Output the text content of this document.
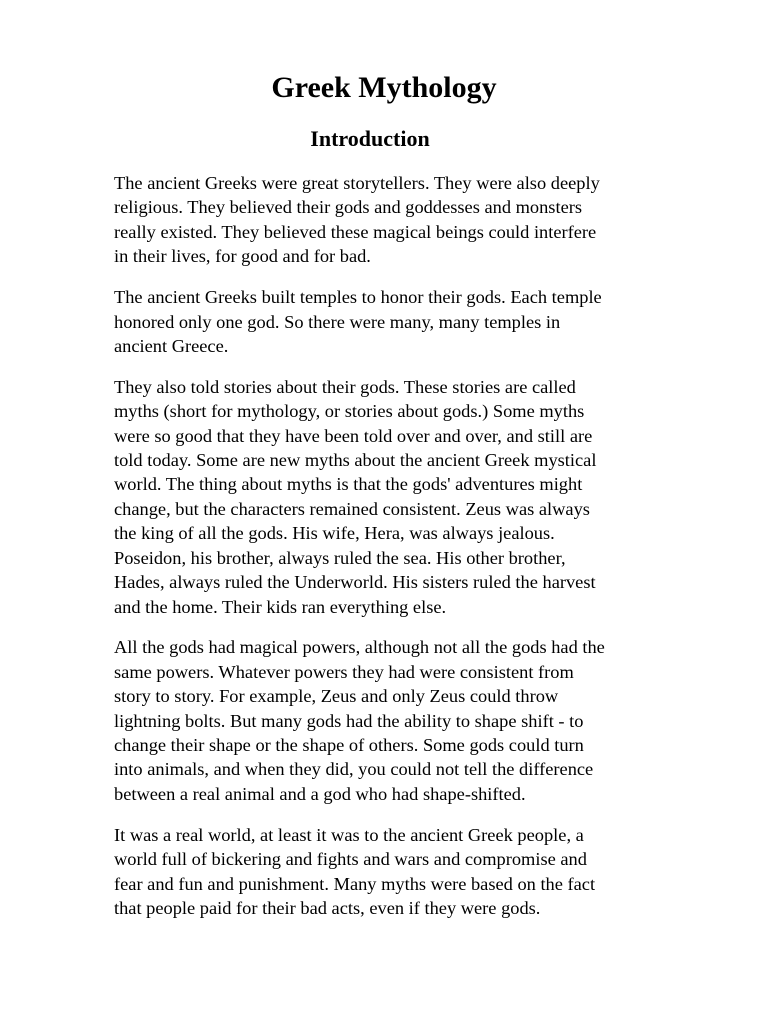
Greek Mythology
Introduction

The ancient Greeks were great storytellers. They were also deeply
religious. They believed their gods and goddesses and monsters
really existed. They believed these magical beings could interfere
in their lives, for good and for bad.

The ancient Greeks built temples to honor their gods. Each temple
honored only one god. So there were many, many temples in
ancient Greece.

They also told stories about their gods. These stories are called
myths (short for mythology, or stories about gods.) Some myths
were so good that they have been told over and over, and still are
told today. Some are new myths about the ancient Greek mystical
world. The thing about myths is that the gods' adventures might
change, but the characters remained consistent. Zeus was always
the king of all the gods. His wife, Hera, was always jealous.
Poseidon, his brother, always ruled the sea. His other brother,
Hades, always ruled the Underworld. His sisters ruled the harvest
and the home. Their kids ran everything else.

All the gods had magical powers, although not all the gods had the
same powers. Whatever powers they had were consistent from
story to story. For example, Zeus and only Zeus could throw
lightning bolts. But many gods had the ability to shape shift - to
change their shape or the shape of others. Some gods could turn
into animals, and when they did, you could not tell the difference
between a real animal and a god who had shape-shifted.

It was a real world, at least it was to the ancient Greek people, a
world full of bickering and fights and wars and compromise and
fear and fun and punishment. Many myths were based on the fact
that people paid for their bad acts, even if they were gods.
